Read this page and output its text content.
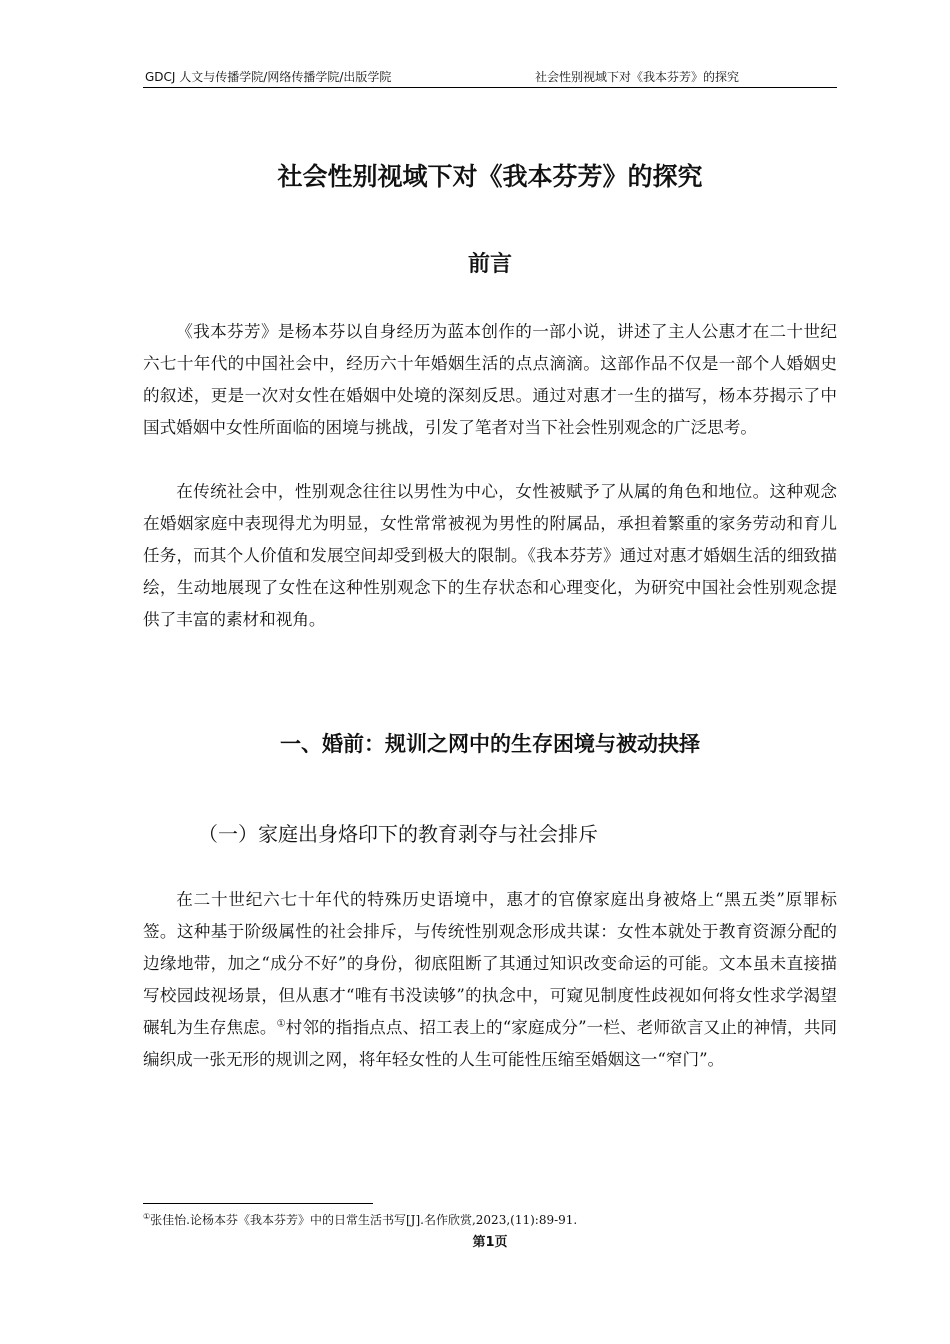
GDCJ 人文与传播学院/网络传播学院/出版学院	社会性别视域下对《我本芬芳》的探究
社会性别视域下对《我本芬芳》的探究
前言

《我本芬芳》是杨本芬以自身经历为蓝本创作的一部小说，讲述了主人公惠才在二十世纪六七十年代的中国社会中，经历六十年婚姻生活的点点滴滴。这部作品不仅是一部个人婚姻史的叙述，更是一次对女性在婚姻中处境的深刻反思。通过对惠才一生的描写，杨本芬揭示了中国式婚姻中女性所面临的困境与挑战，引发了笔者对当下社会性别观念的广泛思考。

在传统社会中，性别观念往往以男性为中心，女性被赋予了从属的角色和地位。这种观念在婚姻家庭中表现得尤为明显，女性常常被视为男性的附属品，承担着繁重的家务劳动和育儿任务，而其个人价值和发展空间却受到极大的限制。《我本芬芳》通过对惠才婚姻生活的细致描绘，生动地展现了女性在这种性别观念下的生存状态和心理变化，为研究中国社会性别观念提供了丰富的素材和视角。

一、婚前：规训之网中的生存困境与被动抉择
（一）家庭出身烙印下的教育剥夺与社会排斥

在二十世纪六七十年代的特殊历史语境中，惠才的官僚家庭出身被烙上“黑五类”原罪标签。这种基于阶级属性的社会排斥，与传统性别观念形成共谋：女性本就处于教育资源分配的边缘地带，加之“成分不好”的身份，彻底阻断了其通过知识改变命运的可能。文本虽未直接描写校园歧视场景，但从惠才“唯有书没读够”的执念中，可窥见制度性歧视如何将女性求学渴望碾轧为生存焦虑。①村邻的指指点点、招工表上的“家庭成分”一栏、老师欲言又止的神情，共同编织成一张无形的规训之网，将年轻女性的人生可能性压缩至婚姻这一“窄门”。

①张佳怡.论杨本芬《我本芬芳》中的日常生活书写[J].名作欣赏,2023,(11):89-91.
第1页
